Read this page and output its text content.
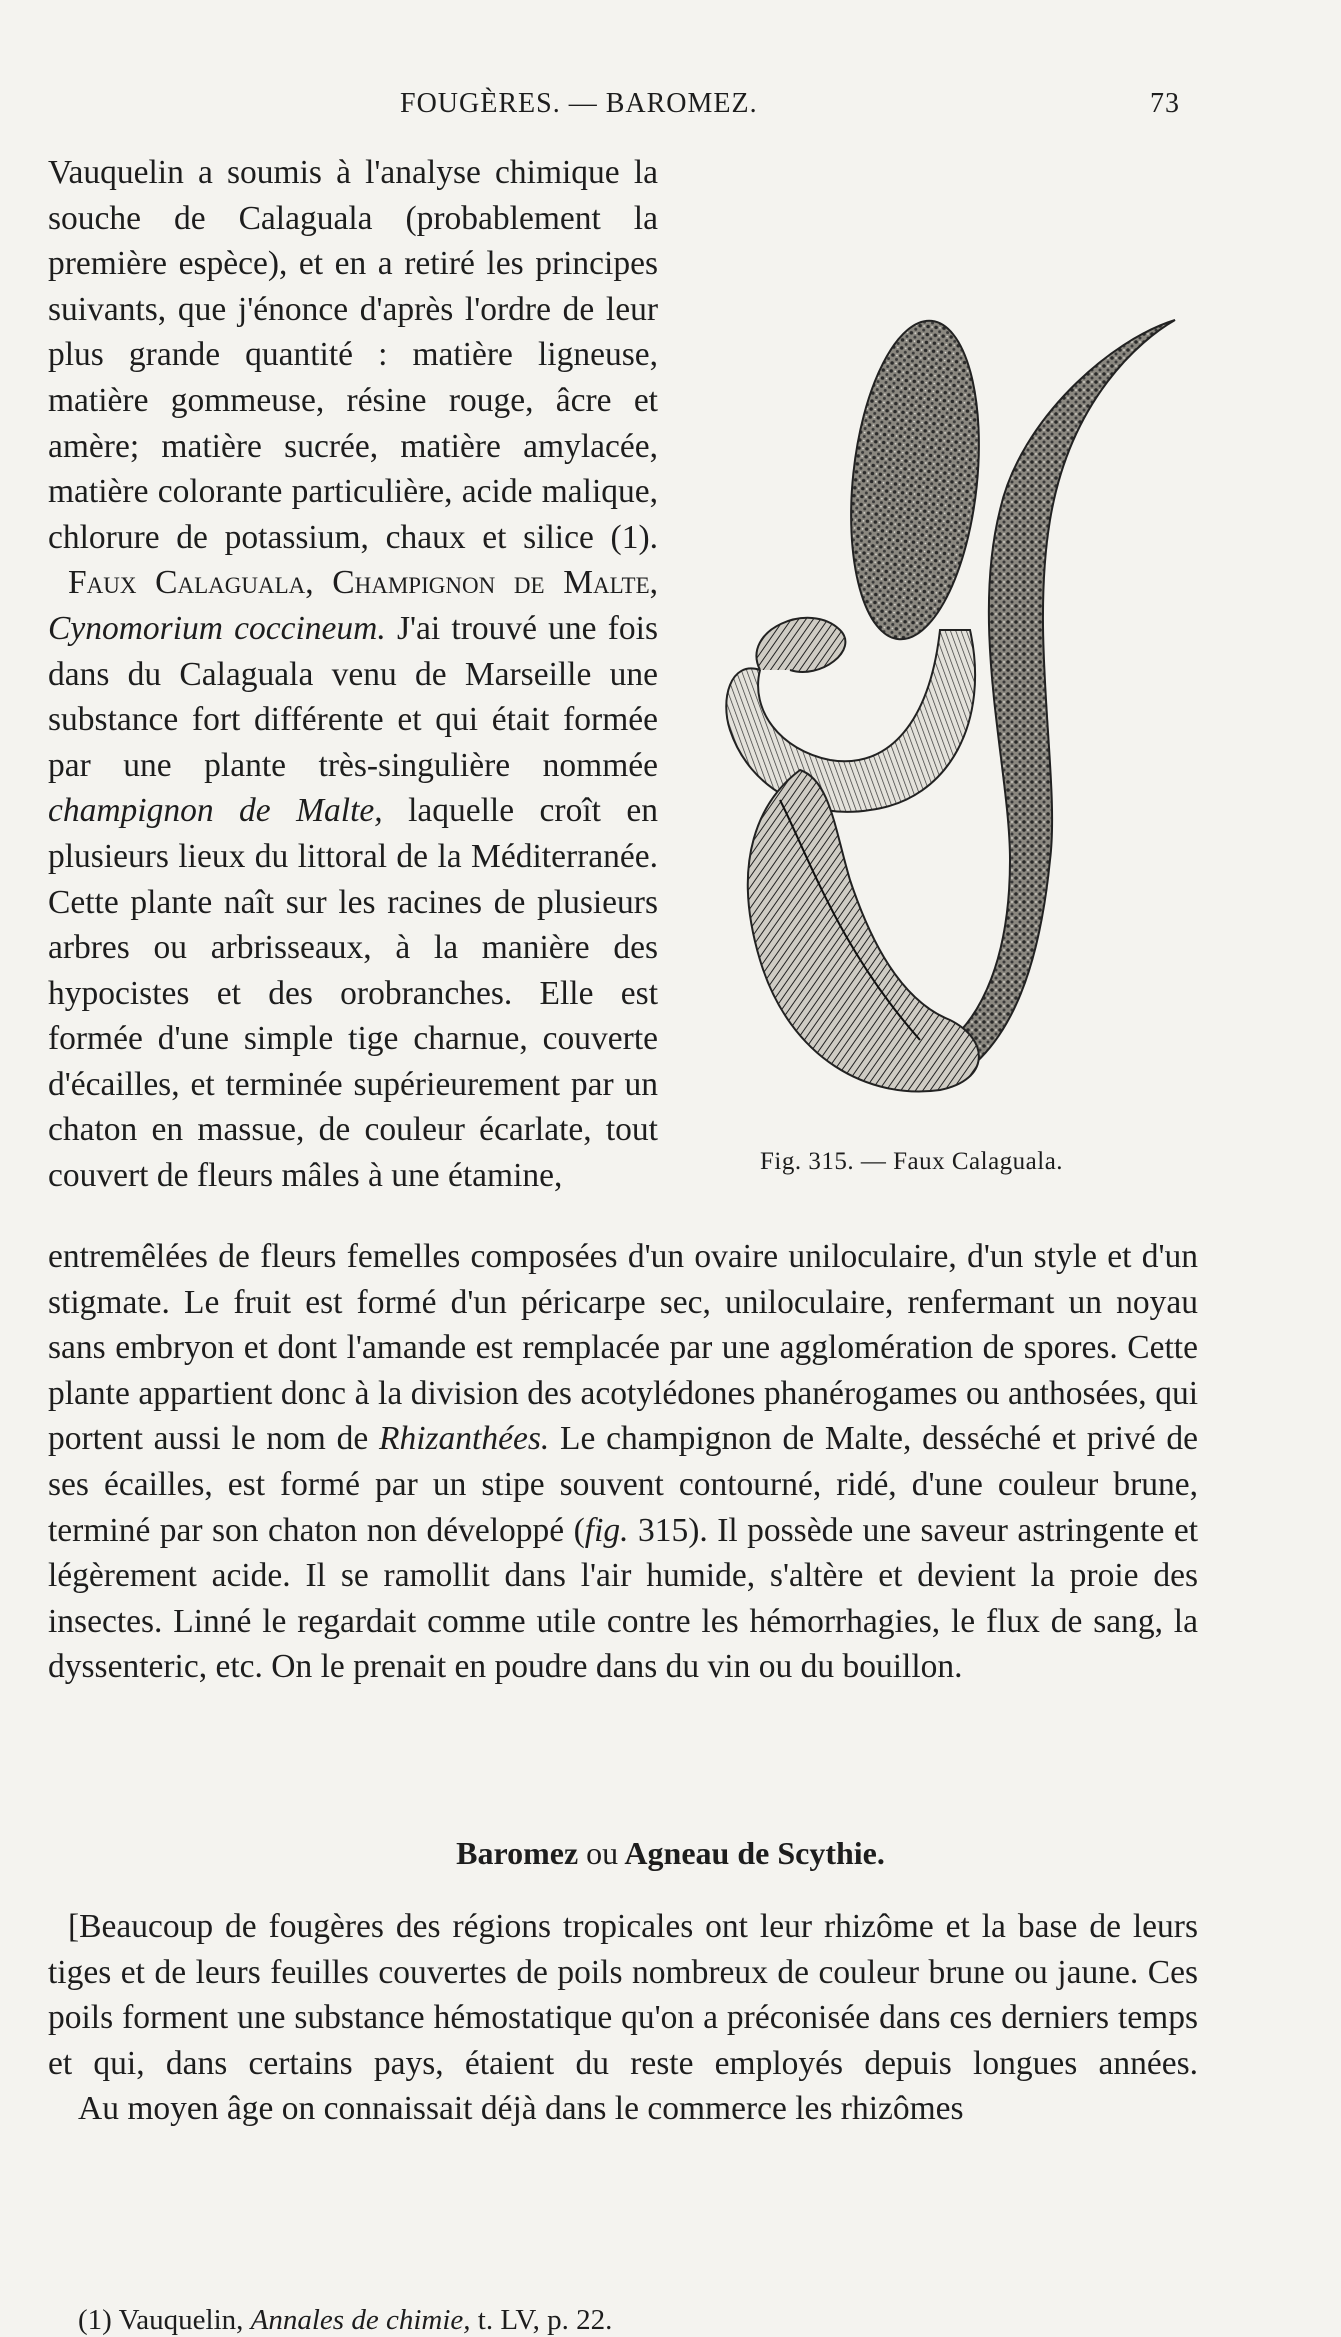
FOUGÈRES. — BAROMEZ.	73

Vauquelin a soumis à l'analyse chimique la souche de Calaguala (probablement la première espèce), et en a retiré les principes suivants, que j'énonce d'après l'ordre de leur plus grande quantité : matière ligneuse, matière gommeuse, résine rouge, âcre et amère; matière sucrée, matière amylacée, matière colorante particulière, acide malique, chlorure de potassium, chaux et silice (1).

Faux Calaguala, Champignon de Malte, Cynomorium coccineum. J'ai trouvé une fois dans du Calaguala venu de Marseille une substance fort différente et qui était formée par une plante très-singulière nommée champignon de Malte, laquelle croît en plusieurs lieux du littoral de la Méditerranée. Cette plante naît sur les racines de plusieurs arbres ou arbrisseaux, à la manière des hypocistes et des orobranches. Elle est formée d'une simple tige charnue, couverte d'écailles, et terminée supérieurement par un chaton en massue, de couleur écarlate, tout couvert de fleurs mâles à une étamine,	Fig. 315. — Faux Calaguala.

entremêlées de fleurs femelles composées d'un ovaire uniloculaire, d'un style et d'un stigmate. Le fruit est formé d'un péricarpe sec, uniloculaire, renfermant un noyau sans embryon et dont l'amande est remplacée par une agglomération de spores. Cette plante appartient donc à la division des acotylédones phanérogames ou anthosées, qui portent aussi le nom de Rhizanthées. Le champignon de Malte, desséché et privé de ses écailles, est formé par un stipe souvent contourné, ridé, d'une couleur brune, terminé par son chaton non développé (fig. 315). Il possède une saveur astringente et légèrement acide. Il se ramollit dans l'air humide, s'altère et devient la proie des insectes. Linné le regardait comme utile contre les hémorrhagies, le flux de sang, la dyssenteric, etc. On le prenait en poudre dans du vin ou du bouillon.

Baromez ou Agneau de Scythie.

[Beaucoup de fougères des régions tropicales ont leur rhizôme et la base de leurs tiges et de leurs feuilles couvertes de poils nombreux de couleur brune ou jaune. Ces poils forment une substance hémostatique qu'on a préconisée dans ces derniers temps et qui, dans certains pays, étaient du reste employés depuis longues années.

Au moyen âge on connaissait déjà dans le commerce les rhizômes

(1) Vauquelin, Annales de chimie, t. LV, p. 22.
